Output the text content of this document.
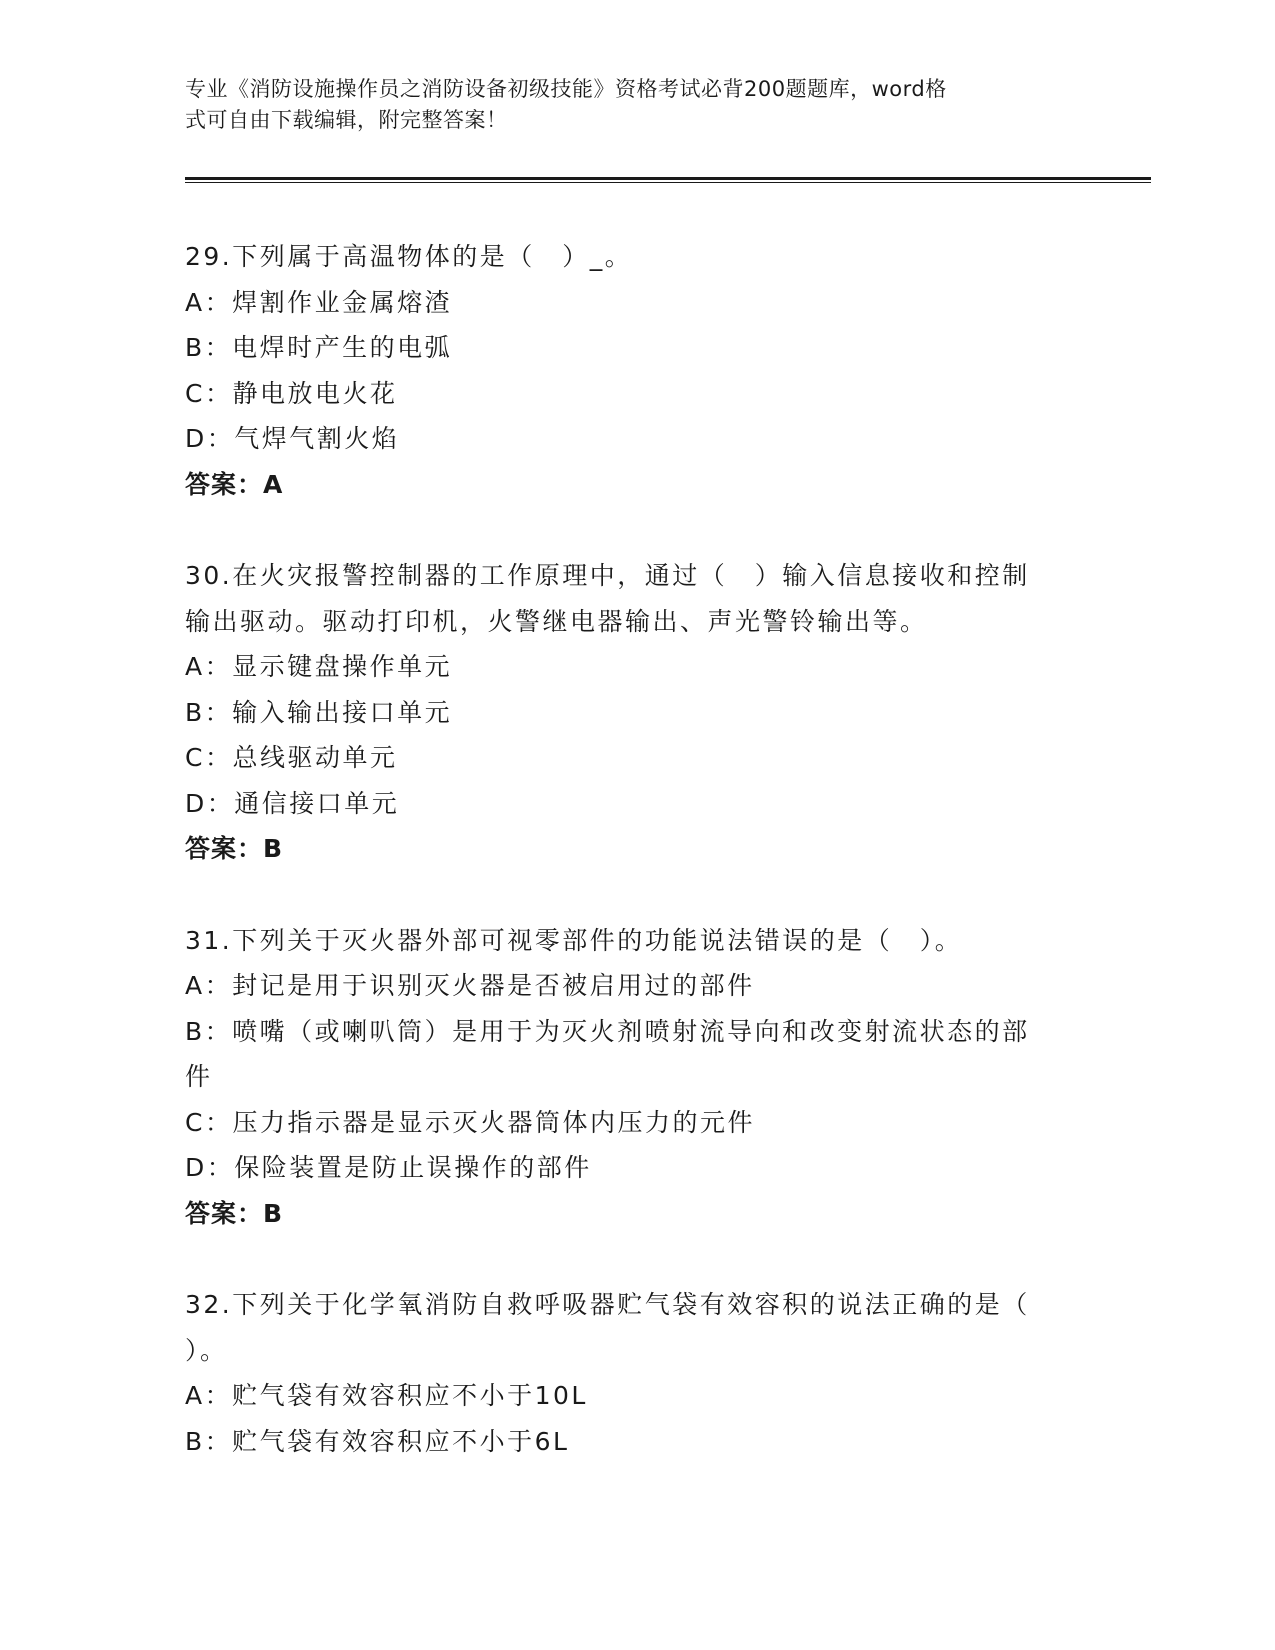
专业《消防设施操作员之消防设备初级技能》资格考试必背200题题库，word格

式可自由下载编辑，附完整答案！

29.下列属于高温物体的是（　）_。

A：焊割作业金属熔渣

B：电焊时产生的电弧

C：静电放电火花

D：气焊气割火焰

答案：A

30.在火灾报警控制器的工作原理中，通过（　）输入信息接收和控制

输出驱动。驱动打印机，火警继电器输出、声光警铃输出等。

A：显示键盘操作单元

B：输入输出接口单元

C：总线驱动单元

D：通信接口单元

答案：B

31.下列关于灭火器外部可视零部件的功能说法错误的是（　）。

A：封记是用于识别灭火器是否被启用过的部件

B：喷嘴（或喇叭筒）是用于为灭火剂喷射流导向和改变射流状态的部

件

C：压力指示器是显示灭火器筒体内压力的元件

D：保险装置是防止误操作的部件

答案：B

32.下列关于化学氧消防自救呼吸器贮气袋有效容积的说法正确的是（

）。

A：贮气袋有效容积应不小于10L

B：贮气袋有效容积应不小于6L
